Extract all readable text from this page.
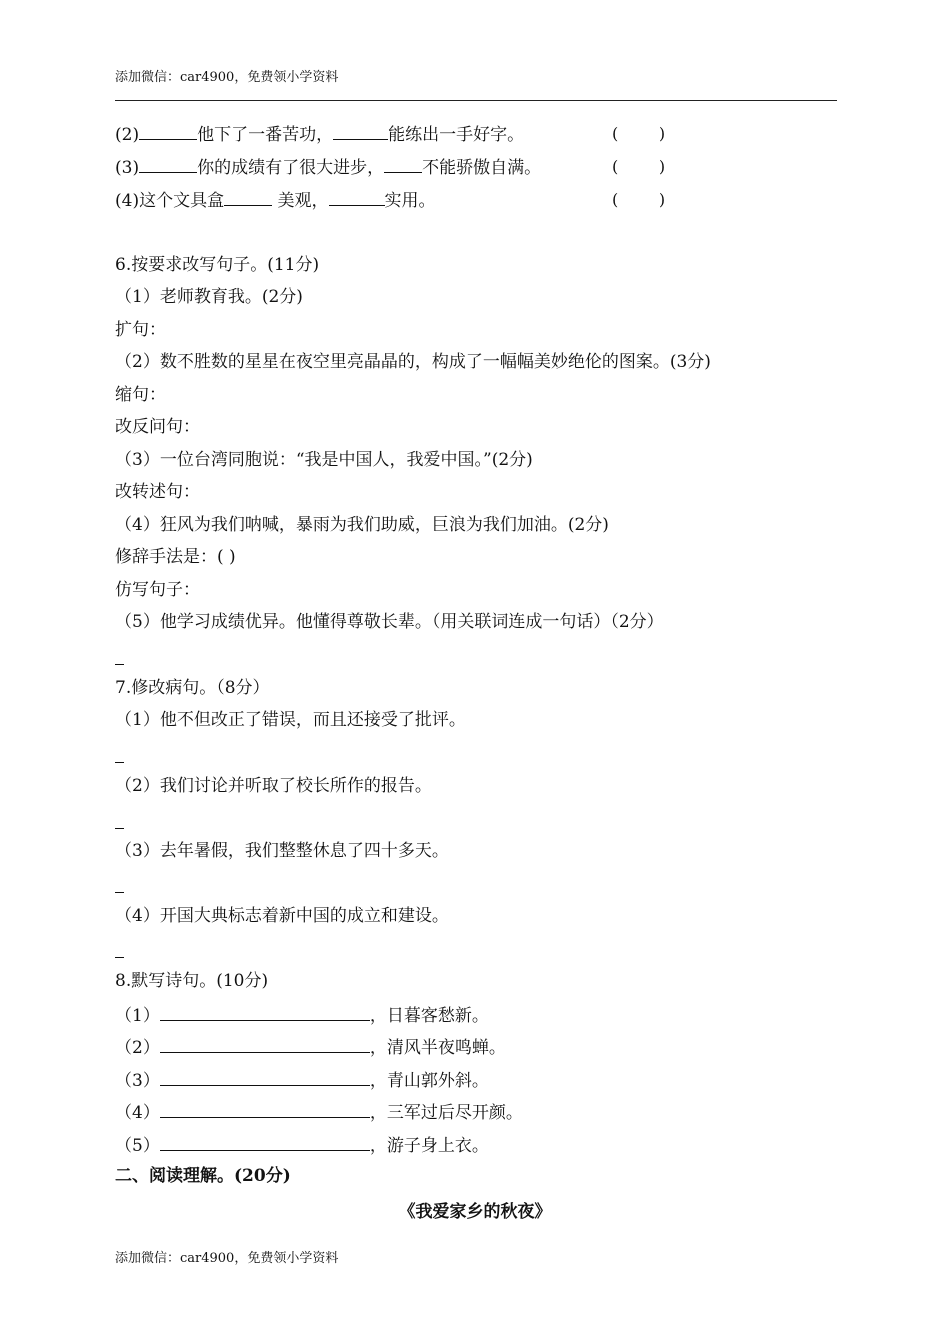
添加微信：car4900，免费领小学资料
(2)	他下了一番苦功，	能练出一手好字。	(        )
(3)	你的成绩有了很大进步， 不能骄傲自满。	(        )
(4)这个文具盒	美观，	实用。	(        )
6.按要求改写句子。(11分)
（1）老师教育我。(2分)
扩句：
（2）数不胜数的星星在夜空里亮晶晶的，构成了一幅幅美妙绝伦的图案。(3分)
缩句：
改反问句：
（3）一位台湾同胞说：“我是中国人，我爱中国。”(2分)
改转述句：
（4）狂风为我们呐喊，暴雨为我们助威，巨浪为我们加油。(2分)
修辞手法是：( )
仿写句子：
（5）他学习成绩优异。他懂得尊敬长辈。（用关联词连成一句话）（2分）
7.修改病句。（8分）
（1）他不但改正了错误，而且还接受了批评。
（2）我们讨论并听取了校长所作的报告。
（3）去年暑假，我们整整休息了四十多天。
（4）开国大典标志着新中国的成立和建设。
8.默写诗句。(10分)
（1）	，日暮客愁新。
（2）	，清风半夜鸣蝉。
（3）	，青山郭外斜。
（4）	，三军过后尽开颜。
（5）	，游子身上衣。
二、阅读理解。(20分)
《我爱家乡的秋夜》
添加微信：car4900，免费领小学资料
